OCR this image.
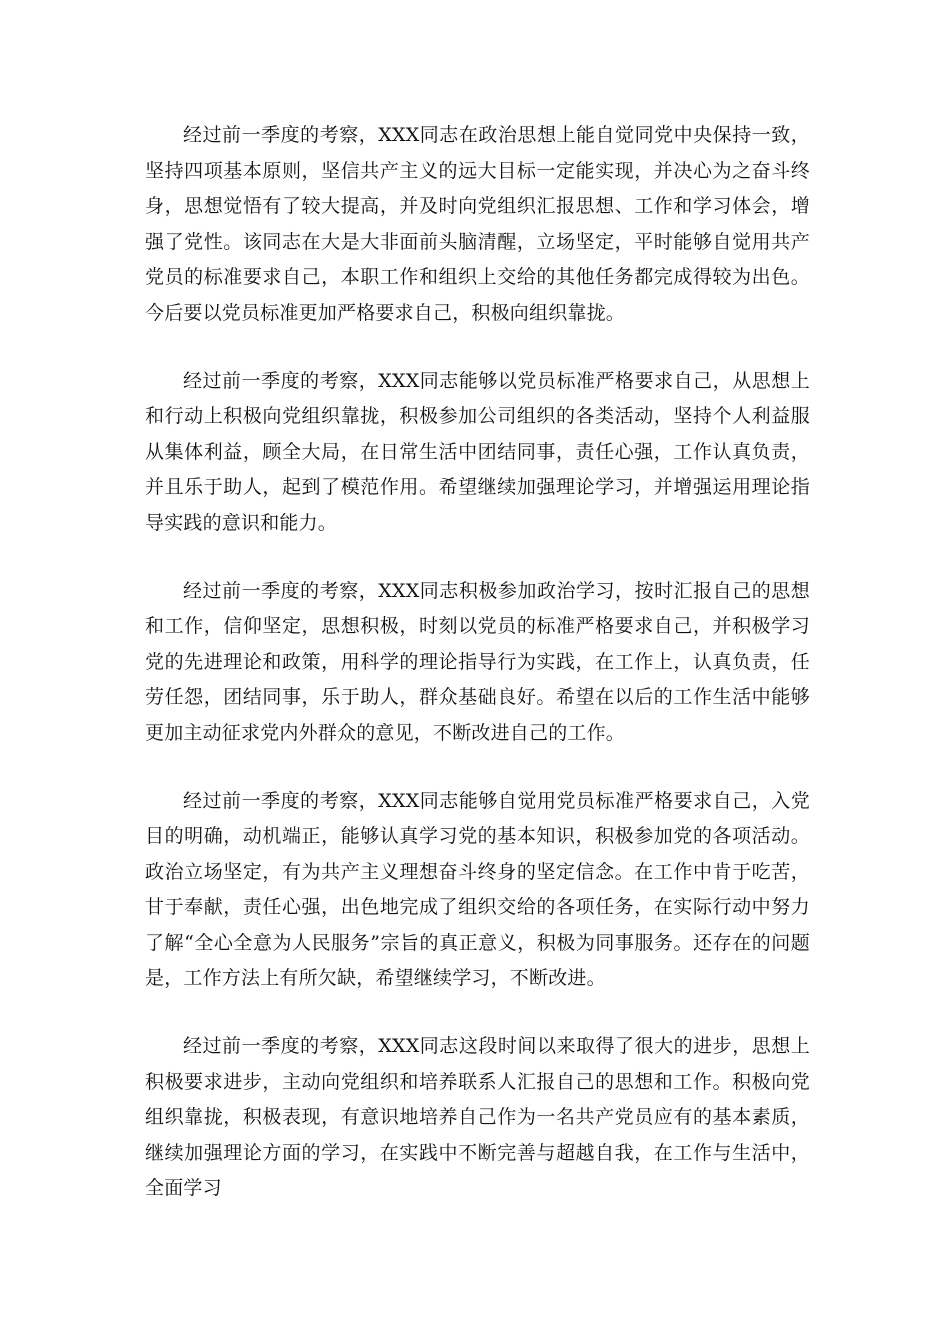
经过前一季度的考察，XXX同志在政治思想上能自觉同党中央保持一致，坚持四项基本原则，坚信共产主义的远大目标一定能实现，并决心为之奋斗终身，思想觉悟有了较大提高，并及时向党组织汇报思想、工作和学习体会，增强了党性。该同志在大是大非面前头脑清醒，立场坚定，平时能够自觉用共产党员的标准要求自己，本职工作和组织上交给的其他任务都完成得较为出色。今后要以党员标准更加严格要求自己，积极向组织靠拢。

经过前一季度的考察，XXX同志能够以党员标准严格要求自己，从思想上和行动上积极向党组织靠拢，积极参加公司组织的各类活动，坚持个人利益服从集体利益，顾全大局，在日常生活中团结同事，责任心强，工作认真负责，并且乐于助人，起到了模范作用。希望继续加强理论学习，并增强运用理论指导实践的意识和能力。

经过前一季度的考察，XXX同志积极参加政治学习，按时汇报自己的思想和工作，信仰坚定，思想积极，时刻以党员的标准严格要求自己，并积极学习党的先进理论和政策，用科学的理论指导行为实践，在工作上，认真负责，任劳任怨，团结同事，乐于助人，群众基础良好。希望在以后的工作生活中能够更加主动征求党内外群众的意见，不断改进自己的工作。

经过前一季度的考察，XXX同志能够自觉用党员标准严格要求自己，入党目的明确，动机端正，能够认真学习党的基本知识，积极参加党的各项活动。政治立场坚定，有为共产主义理想奋斗终身的坚定信念。在工作中肯于吃苦，甘于奉献，责任心强，出色地完成了组织交给的各项任务，在实际行动中努力了解“全心全意为人民服务”宗旨的真正意义，积极为同事服务。还存在的问题是，工作方法上有所欠缺，希望继续学习，不断改进。

经过前一季度的考察，XXX同志这段时间以来取得了很大的进步，思想上积极要求进步，主动向党组织和培养联系人汇报自己的思想和工作。积极向党组织靠拢，积极表现，有意识地培养自己作为一名共产党员应有的基本素质，继续加强理论方面的学习，在实践中不断完善与超越自我，在工作与生活中，全面学习
